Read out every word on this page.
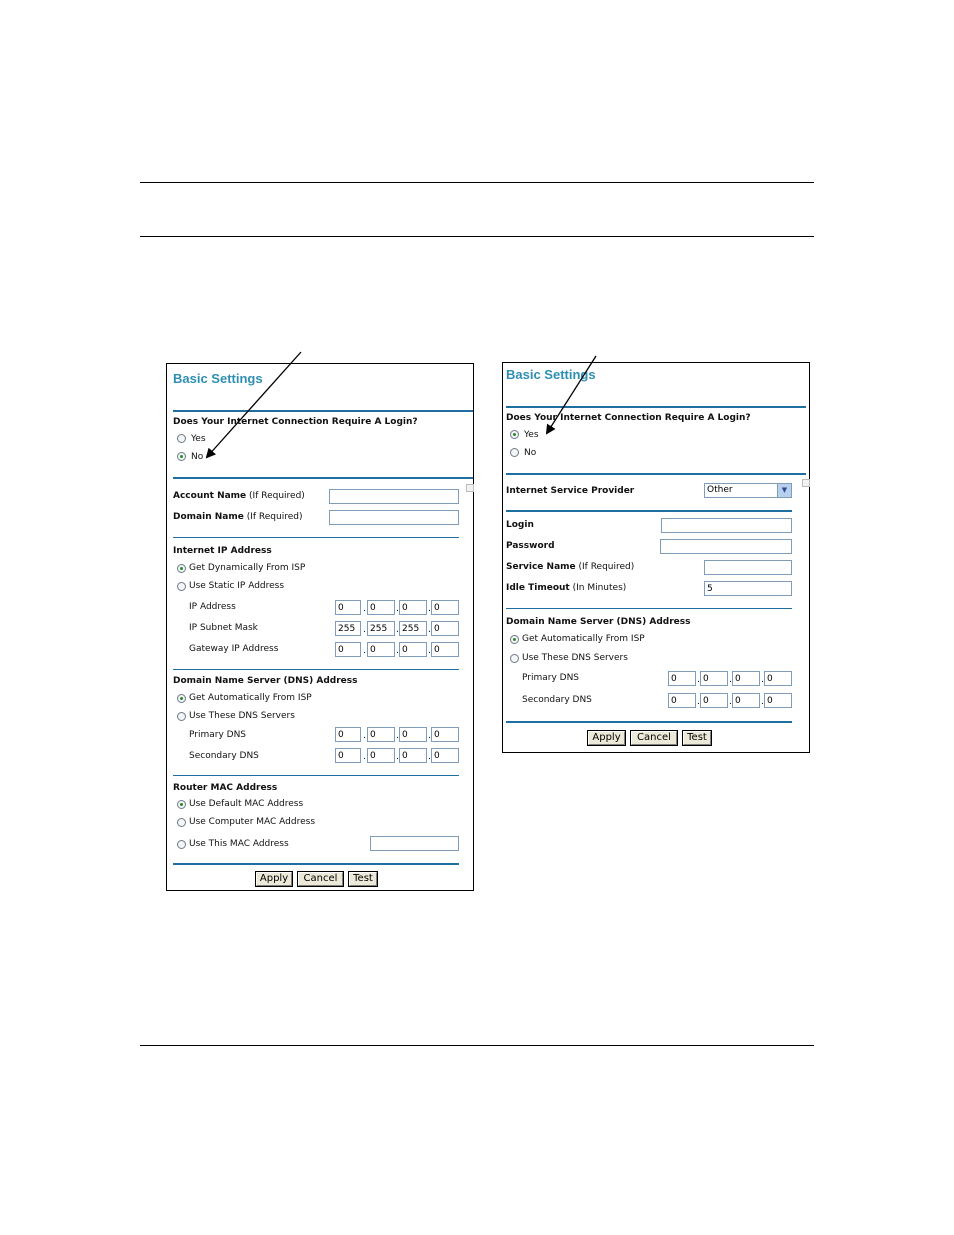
Basic Settings
Does Your Internet Connection Require A Login?
Yes
No
Account Name (If Required)
Domain Name (If Required)
Internet IP Address
Get Dynamically From ISP
Use Static IP Address
IP Address	0	. 0	. 0	. 0
IP Subnet Mask	255 . 255 . 255 . 0
Gateway IP Address	0	. 0	. 0	. 0
Domain Name Server (DNS) Address
Get Automatically From ISP
Use These DNS Servers
Primary DNS	0	. 0	. 0	. 0
Secondary DNS	0	. 0	. 0	. 0
Router MAC Address
Use Default MAC Address
Use Computer MAC Address
Use This MAC Address
Apply	Cancel	Test
Basic Settings
Does Your Internet Connection Require A Login?
Yes
No
Internet Service Provider	Other	▼
Login
Password
Service Name (If Required)
Idle Timeout (In Minutes)	5
Domain Name Server (DNS) Address
Get Automatically From ISP
Use These DNS Servers
Primary DNS	0	. 0	. 0	. 0
Secondary DNS	0	. 0	. 0	. 0
Apply	Cancel	Test
